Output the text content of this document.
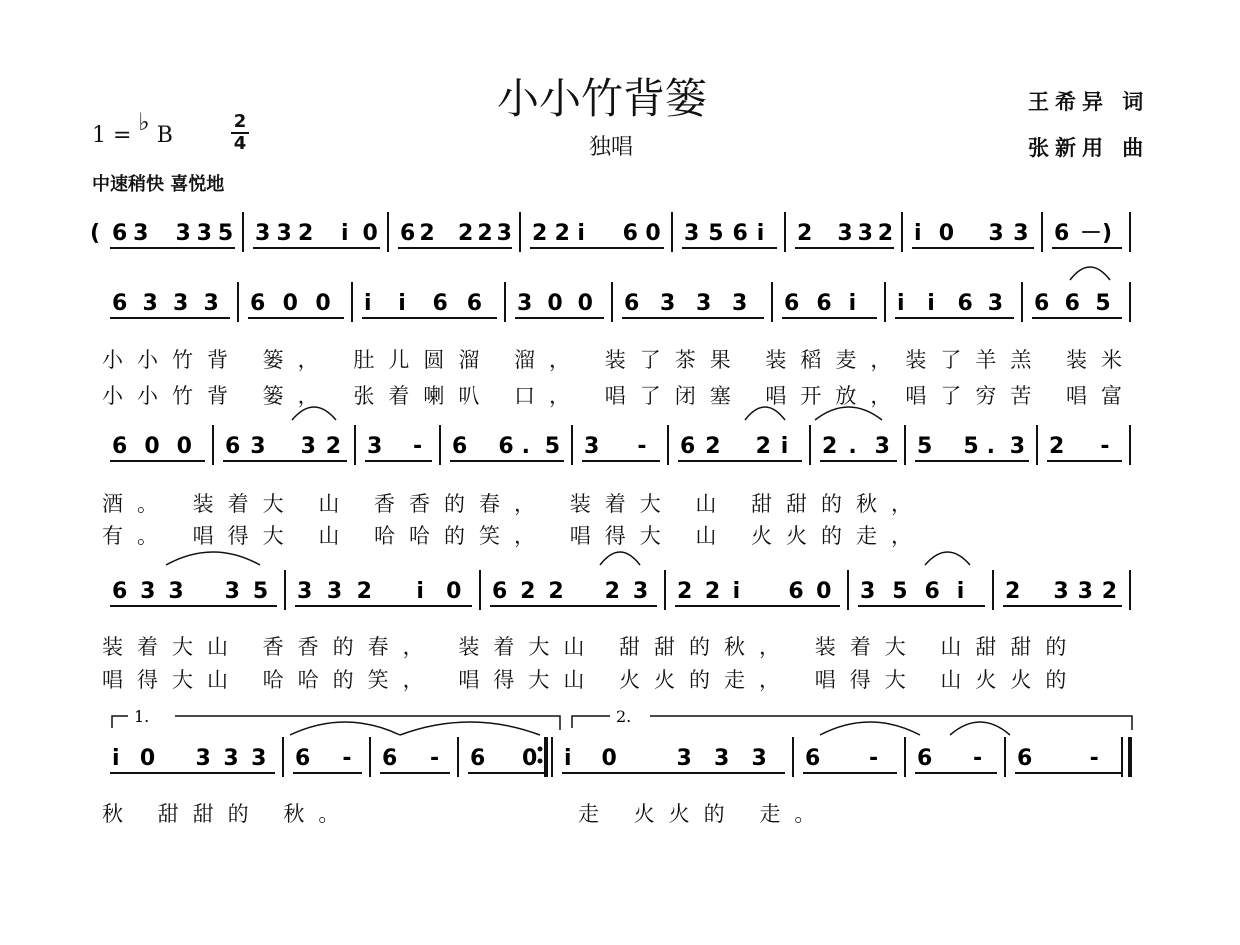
小小竹背篓
独唱
王希异 词
张新用 曲
1 = ♭ B
2
4
中速稍快 喜悦地
小小竹背 篓， 肚儿圆溜 溜， 装了茶果 装稻麦，装了羊羔 装米
小小竹背 篓， 张着喇叭 口， 唱了闭塞 唱开放，唱了穷苦 唱富
酒。 装着大 山 香香的春， 装着大 山 甜甜的秋，
有。 唱得大 山 哈哈的笑， 唱得大 山 火火的走，
装着大山 香香的春， 装着大山 甜甜的秋， 装着大 山甜甜的
唱得大山 哈哈的笑， 唱得大山 火火的走， 唱得大 山火火的
秋 甜甜的 秋。	走 火火的 走。
1.	2.
( 6 3 3 3 5 3 3 2 i 0 6 2 2 2 3 2 2 i 6 0 3 5 6 i 2 3 3 2 i 0 3 3 6 －)
6 3 3 3 6 0 0 i i 6 6 3 0 0 6 3 3 3 6 6 i i i 6 3 6 6 5
6 0 0 6 3 3 2 3 - 6 6 . 5 3 - 6 2 2 i 2 . 3 5 5 . 3 2 -
6 3 3 3 5 3 3 2 i 0 6 2 2 2 3 2 2 i 6 0 3 5 6 i 2 3 3 2
i 0 3 3 3 6 - 6 - 6 0 i 0	3 3 3 6 - 6 - 6	-
